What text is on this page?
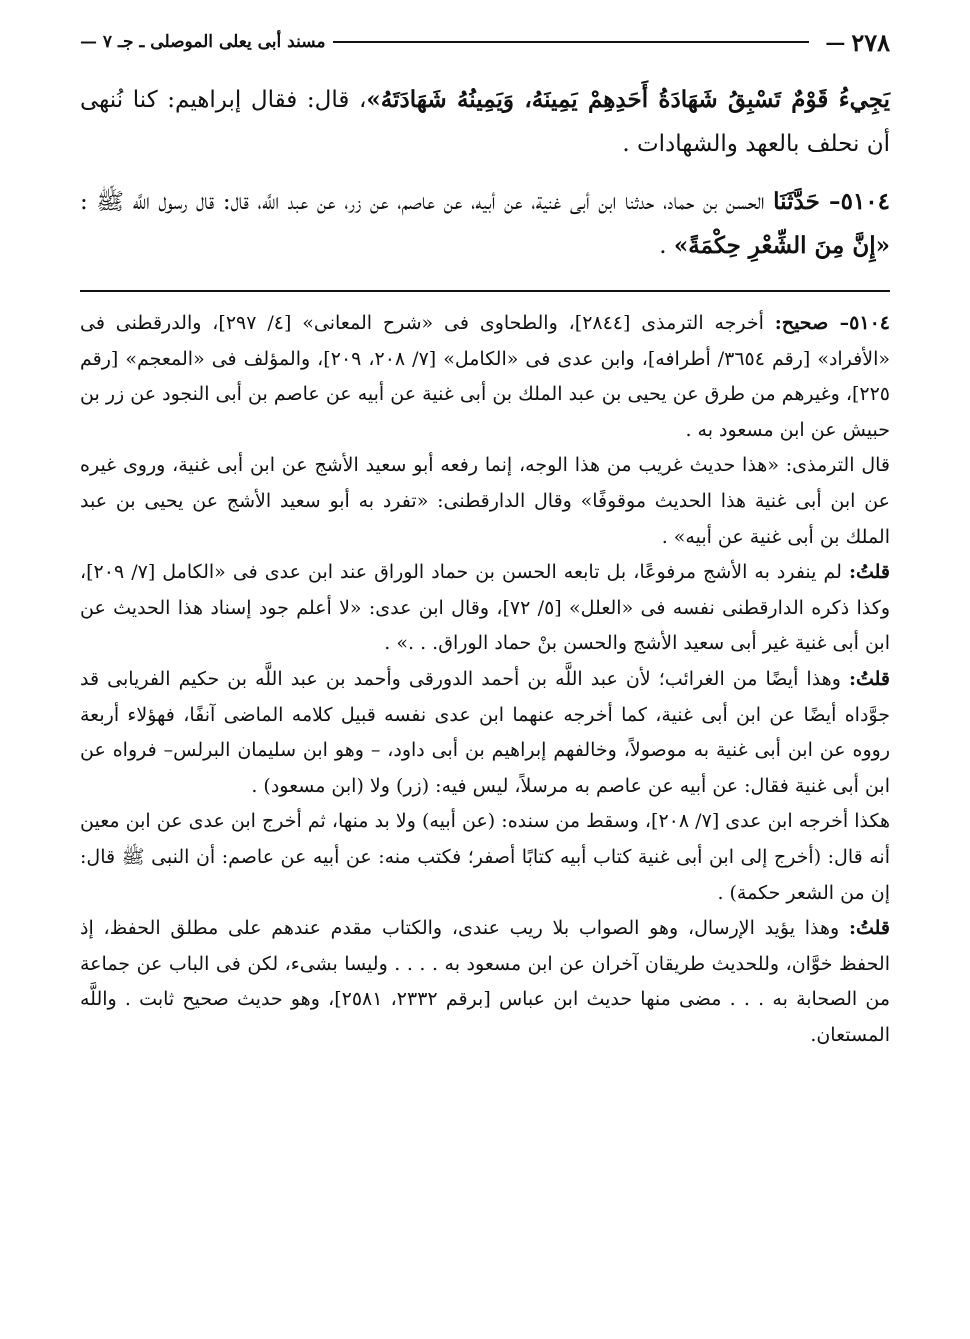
٢٧٨
—
مسند أبى يعلى الموصلى ـ جـ ٧ —

يَجِيءُ قَوْمٌ تَسْبِقُ شَهَادَةُ أَحَدِهِمْ يَمِينَهُ، وَيَمِينُهُ شَهَادَتَهُ»، قال: فقال إبراهيم: كنا نُنهى أن نحلف بالعهد والشهادات .

٥١٠٤– حَدَّثَنَا الحسن بن حماد، حدثنا ابن أبى غنية، عن أبيه، عن عاصم، عن زر، عن عبد اللَّه، قال: قال رسول اللَّه ﷺ : «إِنَّ مِنَ الشِّعْرِ حِكْمَةً» .

٥١٠٤– صحيح: أخرجه الترمذى [٢٨٤٤]، والطحاوى فى «شرح المعانى» [٤/ ٢٩٧]، والدرقطنى فى «الأفراد» [رقم ٣٦٥٤/ أطرافه]، وابن عدى فى «الكامل» [٧/ ٢٠٨، ٢٠٩]، والمؤلف فى «المعجم» [رقم ٢٢٥]، وغيرهم من طرق عن يحيى بن عبد الملك بن أبى غنية عن أبيه عن عاصم بن أبى النجود عن زر بن حبيش عن ابن مسعود به .

قال الترمذى: «هذا حديث غريب من هذا الوجه، إنما رفعه أبو سعيد الأشج عن ابن أبى غنية، وروى غيره عن ابن أبى غنية هذا الحديث موقوفًا» وقال الدارقطنى: «تفرد به أبو سعيد الأشج عن يحيى بن عبد الملك بن أبى غنية عن أبيه» .

قلتُ: لم ينفرد به الأشج مرفوعًا، بل تابعه الحسن بن حماد الوراق عند ابن عدى فى «الكامل [٧/ ٢٠٩]، وكذا ذكره الدارقطنى نفسه فى «العلل» [٥/ ٧٢]، وقال ابن عدى: «لا أعلم جود إسناد هذا الحديث عن ابن أبى غنية غير أبى سعيد الأشج والحسن بنْ حماد الوراق. . .» .

قلتُ: وهذا أيضًا من الغرائب؛ لأن عبد اللَّه بن أحمد الدورقى وأحمد بن عبد اللَّه بن حكيم الفريابى قد جوَّداه أيضًا عن ابن أبى غنية، كما أخرجه عنهما ابن عدى نفسه قبيل كلامه الماضى آنفًا، فهؤلاء أربعة رووه عن ابن أبى غنية به موصولاً، وخالفهم إبراهيم بن أبى داود، – وهو ابن سليمان البرلس– فرواه عن ابن أبى غنية فقال: عن أبيه عن عاصم به مرسلاً، ليس فيه: (زر) ولا (ابن مسعود) .

هكذا أخرجه ابن عدى [٧/ ٢٠٨]، وسقط من سنده: (عن أبيه) ولا بد منها، ثم أخرج ابن عدى عن ابن معين أنه قال: (أخرج إلى ابن أبى غنية كتاب أبيه كتابًا أصفر؛ فكتب منه: عن أبيه عن عاصم: أن النبى ﷺ قال: إن من الشعر حكمة) .

قلتُ: وهذا يؤيد الإرسال، وهو الصواب بلا ريب عندى، والكتاب مقدم عندهم على مطلق الحفظ، إذ الحفظ خوَّان، وللحديث طريقان آخران عن ابن مسعود به . . . . وليسا بشىء، لكن فى الباب عن جماعة من الصحابة به . . . مضى منها حديث ابن عباس [برقم ٢٣٣٢، ٢٥٨١]، وهو حديث صحيح ثابت . واللَّه المستعان.
